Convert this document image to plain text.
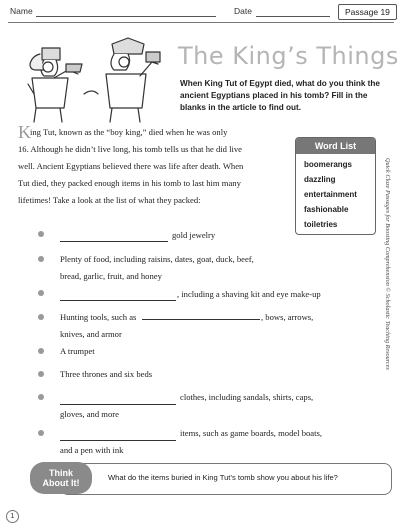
Name	Date	Passage 19
The King’s Things
When King Tut of Egypt died, what do you think the ancient Egyptians placed in his tomb? Fill in the blanks in the article to find out.
K ing Tut, known as the “boy king,” died when he was only
16. Although he didn’t live long, his tomb tells us that he did live
well. Ancient Egyptians believed there was life after death. When
Tut died, they packed enough items in his tomb to last him many
lifetimes! Take a look at the list of what they packed:
Word List
boomerangs
dazzling
entertainment
fashionable
toiletries
gold jewelry
Plenty of food, including raisins, dates, goat, duck, beef,
bread, garlic, fruit, and honey
, including a shaving kit and eye make-up
Hunting tools, such as	, bows, arrows,
knives, and armor
A trumpet
Three thrones and six beds
clothes, including sandals, shirts, caps,
gloves, and more
items, such as game boards, model boats,
and a pen with ink
Quick Cloze Passages for Boosting Comprehension © Scholastic Teaching Resources
Think
About It!
What do the items buried in King Tut’s tomb show you about his life?
1
